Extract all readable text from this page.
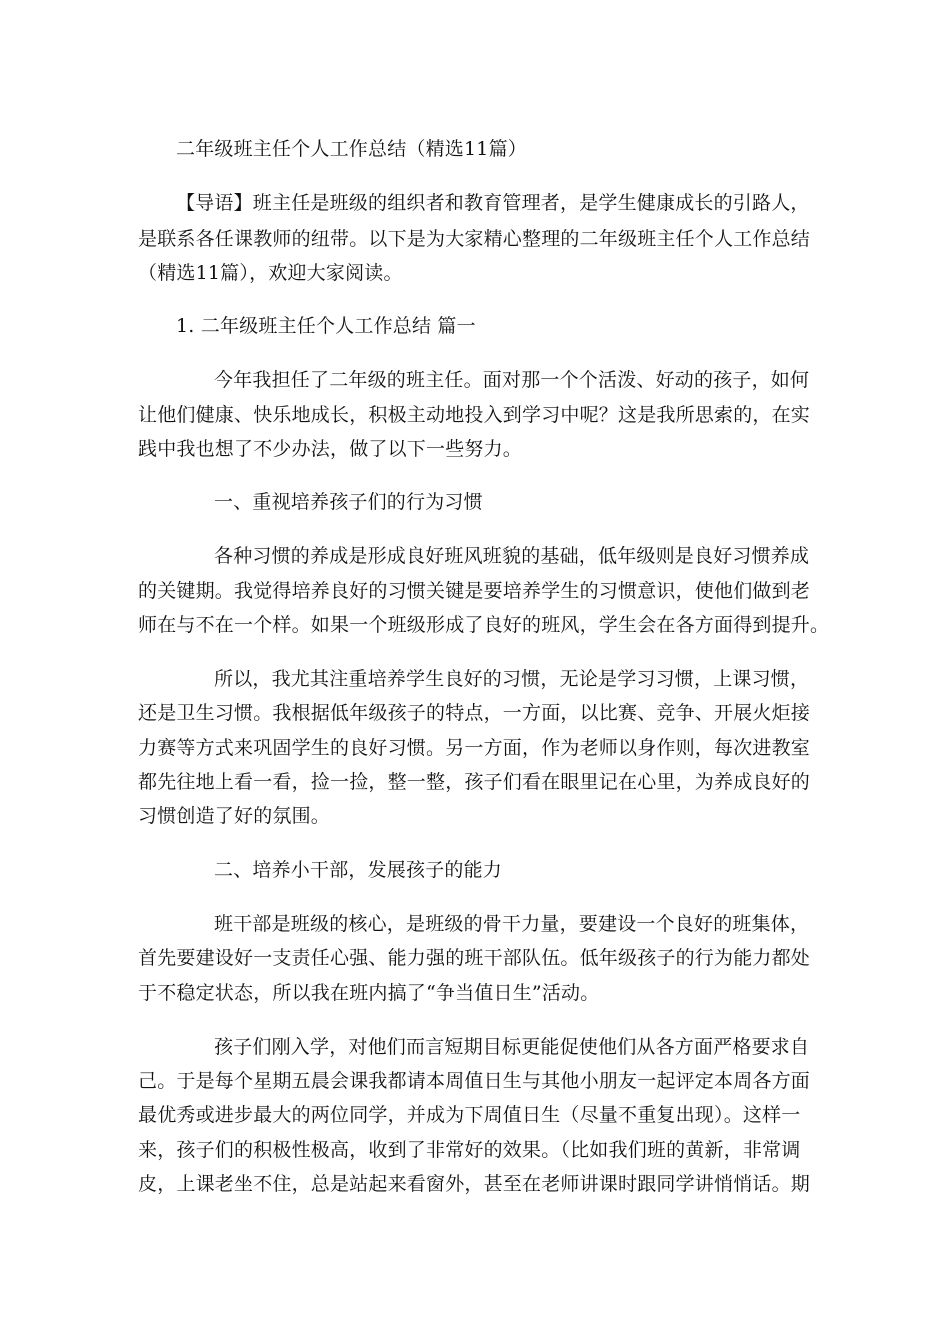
二年级班主任个人工作总结（精选11篇）
【导语】班主任是班级的组织者和教育管理者，是学生健康成长的引路人，
是联系各任课教师的纽带。以下是为大家精心整理的二年级班主任个人工作总结
（精选11篇），欢迎大家阅读。
1. 二年级班主任个人工作总结 篇一
今年我担任了二年级的班主任。面对那一个个活泼、好动的孩子，如何
让他们健康、快乐地成长，积极主动地投入到学习中呢？这是我所思索的，在实
践中我也想了不少办法，做了以下一些努力。
一、重视培养孩子们的行为习惯
各种习惯的养成是形成良好班风班貌的基础，低年级则是良好习惯养成
的关键期。我觉得培养良好的习惯关键是要培养学生的习惯意识，使他们做到老
师在与不在一个样。如果一个班级形成了良好的班风，学生会在各方面得到提升。
所以，我尤其注重培养学生良好的习惯，无论是学习习惯，上课习惯，
还是卫生习惯。我根据低年级孩子的特点，一方面，以比赛、竞争、开展火炬接
力赛等方式来巩固学生的良好习惯。另一方面，作为老师以身作则，每次进教室
都先往地上看一看，捡一捡，整一整，孩子们看在眼里记在心里，为养成良好的
习惯创造了好的氛围。
二、培养小干部，发展孩子的能力
班干部是班级的核心，是班级的骨干力量，要建设一个良好的班集体，
首先要建设好一支责任心强、能力强的班干部队伍。低年级孩子的行为能力都处
于不稳定状态，所以我在班内搞了“争当值日生”活动。
孩子们刚入学，对他们而言短期目标更能促使他们从各方面严格要求自
己。于是每个星期五晨会课我都请本周值日生与其他小朋友一起评定本周各方面
最优秀或进步最大的两位同学，并成为下周值日生（尽量不重复出现）。这样一
来，孩子们的积极性极高，收到了非常好的效果。（比如我们班的黄新，非常调
皮，上课老坐不住，总是站起来看窗外，甚至在老师讲课时跟同学讲悄悄话。期
